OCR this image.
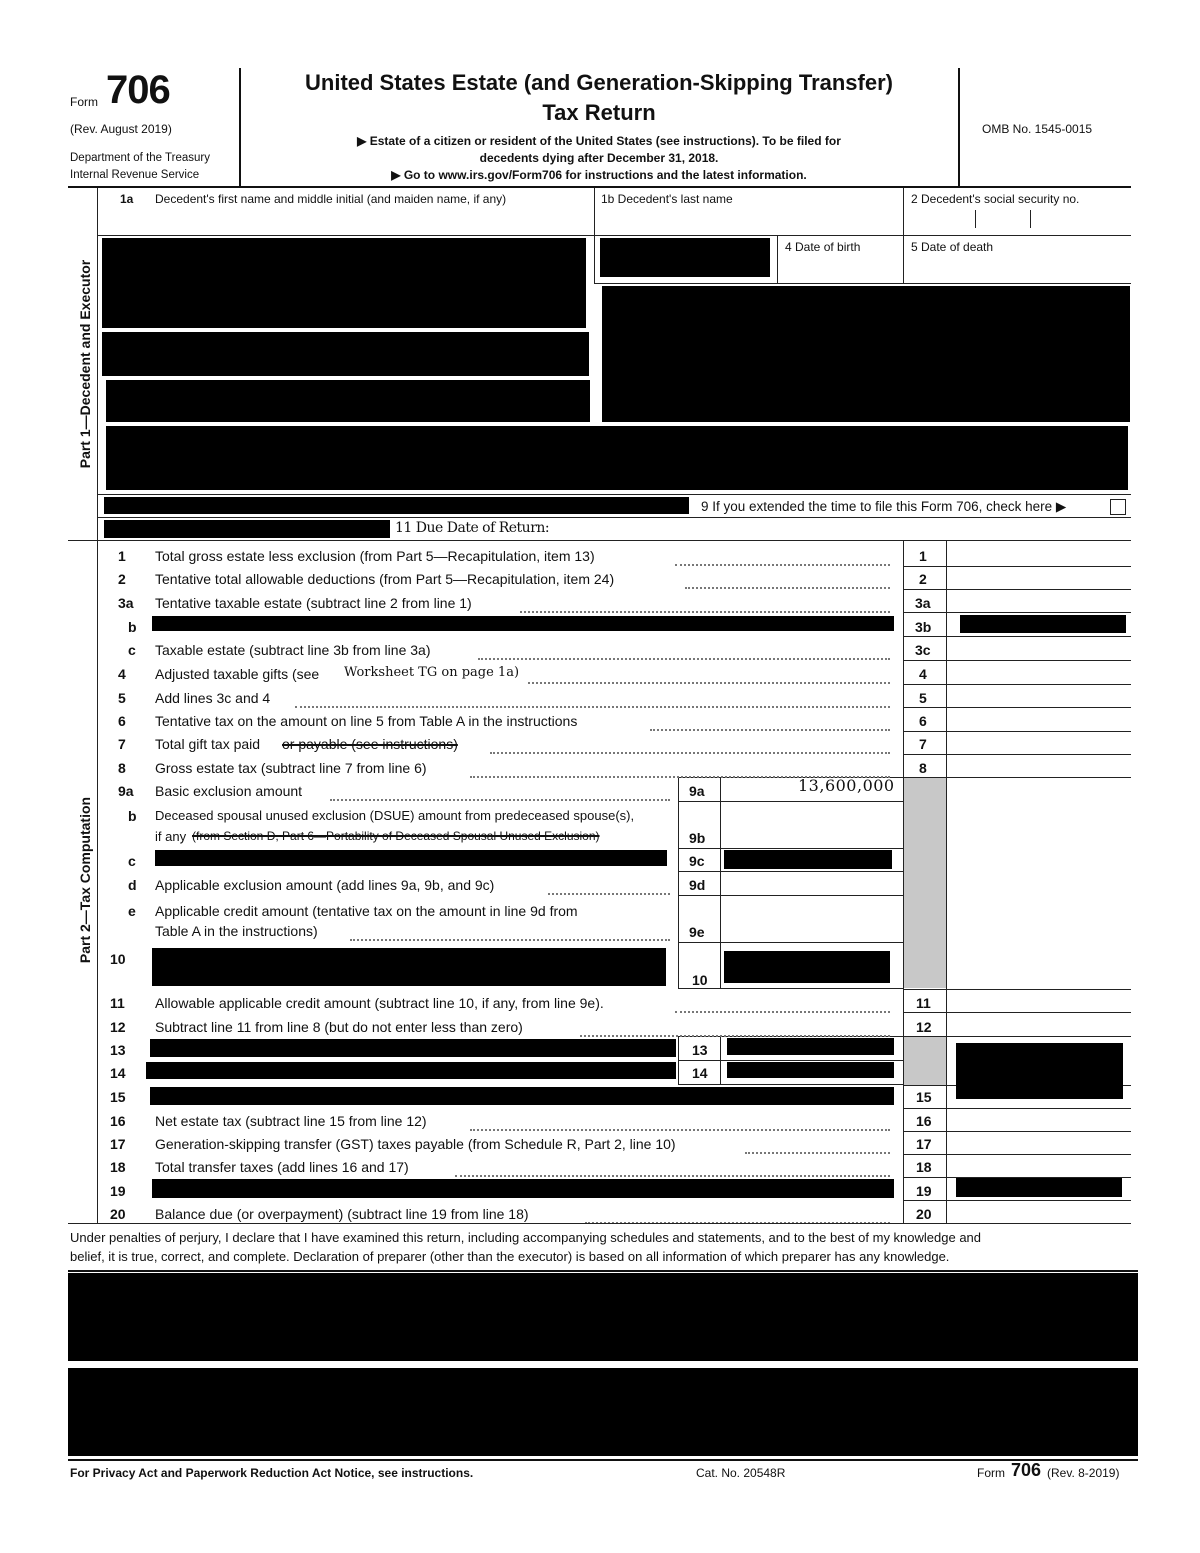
Form 706
(Rev. August 2019)
Department of the Treasury
Internal Revenue Service
United States Estate (and Generation-Skipping Transfer)
Tax Return
▶ Estate of a citizen or resident of the United States (see instructions). To be filed for
decedents dying after December 31, 2018.
▶ Go to www.irs.gov/Form706 for instructions and the latest information.
OMB No. 1545-0015
Part 1—Decedent and Executor
1a Decedent's first name and middle initial (and maiden name, if any)	1b Decedent's last name	2 Decedent's social security no.
4 Date of birth	5 Date of death
9 If you extended the time to file this Form 706, check here ▶
11 Due Date of Return:
Part 2—Tax Computation
1 Total gross estate less exclusion (from Part 5—Recapitulation, item 13)	1
2 Tentative total allowable deductions (from Part 5—Recapitulation, item 24)	2
3a Tentative taxable estate (subtract line 2 from line 1)	3a
b	3b
c Taxable estate (subtract line 3b from line 3a)	3c
4 Adjusted taxable gifts (see Worksheet TG on page 1a)	4
5 Add lines 3c and 4	5
6 Tentative tax on the amount on line 5 from Table A in the instructions	6
7 Total gift tax paid or payable (see instructions)	7
8 Gross estate tax (subtract line 7 from line 6)	8
9a Basic exclusion amount	9a	13,600,000
b Deceased spousal unused exclusion (DSUE) amount from predeceased spouse(s),
if any (from Section D, Part 6—Portability of Deceased Spousal Unused Exclusion)	9b
c	9c
d Applicable exclusion amount (add lines 9a, 9b, and 9c)	9d
e Applicable credit amount (tentative tax on the amount in line 9d from
Table A in the instructions)	9e
10
10
11 Allowable applicable credit amount (subtract line 10, if any, from line 9e).	11
12 Subtract line 11 from line 8 (but do not enter less than zero)	12
13	13
14	14
15	15
16 Net estate tax (subtract line 15 from line 12)	16
17 Generation-skipping transfer (GST) taxes payable (from Schedule R, Part 2, line 10)	17
18 Total transfer taxes (add lines 16 and 17)	18
19	19
20 Balance due (or overpayment) (subtract line 19 from line 18)	20
Under penalties of perjury, I declare that I have examined this return, including accompanying schedules and statements, and to the best of my knowledge and
belief, it is true, correct, and complete. Declaration of preparer (other than the executor) is based on all information of which preparer has any knowledge.
For Privacy Act and Paperwork Reduction Act Notice, see instructions.	Cat. No. 20548R	Form 706 (Rev. 8-2019)
